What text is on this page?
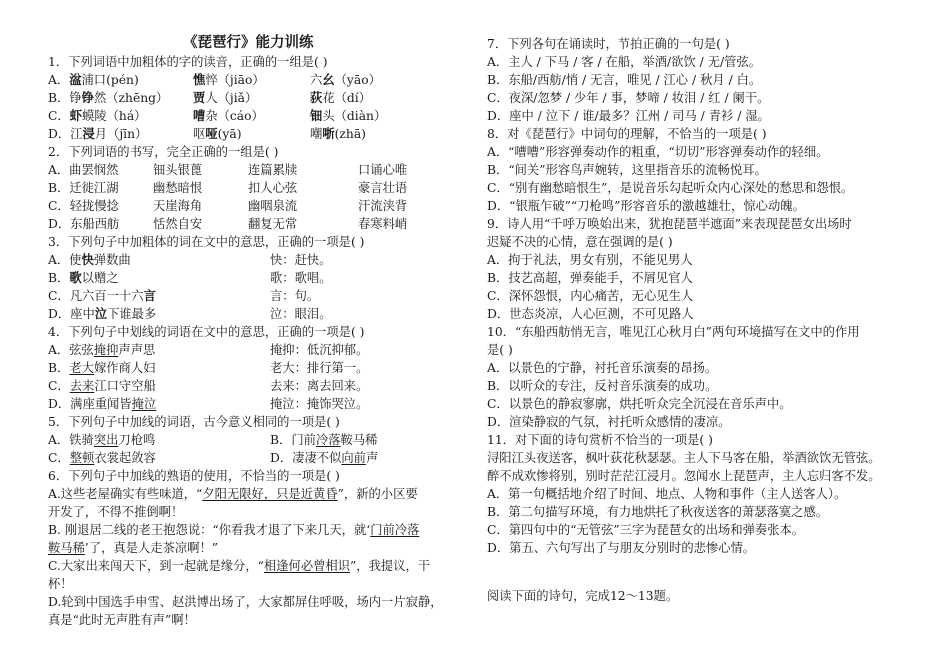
《琵琶行》能力训练
1．下列词语中加粗体的字的读音，正确的一组是( )
A．湓浦口(pén)	憔悴（jiāo）	六幺（yāo）
B．铮铮然（zhēng） 贾人（jiǎ）	荻花（dí）
C．虾蟆陵（há）	嘈杂（cáo）	钿头（diàn）
D．江浸月（jīn）	呕哑(yā)	嘲哳(zhā)
2．下列词语的书写，完全正确的一组是( )
A．曲罢悯然	钿头银蓖	连篇累牍	口诵心唯
B．迁徙江湖	幽愁暗恨	扣人心弦	豪言壮语
C．轻拢慢捻	天崖海角	幽咽泉流	汗流浃背
D．东船西舫	恬然自安	翻复无常	春寒料峭
3．下列句子中加粗体的词在文中的意思，正确的一项是( )
A．使快弹数曲	快：赶快。
B．歌以赠之	歌：歌唱。
C．凡六百一十六言	言：句。
D．座中泣下谁最多	泣：眼泪。
4．下列句子中划线的词语在文中的意思，正确的一项是( )
A．弦弦掩抑声声思	掩抑：低沉抑郁。
B．老大嫁作商人妇	老大：排行第一。
C．去来江口守空船	去来：离去回来。
D．满座重闻皆掩泣	掩泣：掩饰哭泣。
5．下列句子中加线的词语，古今意义相同的一项是( )
A．铁骑突出刀枪鸣	B．门前冷落鞍马稀
C．整顿衣裳起敛容	D．凄凄不似向前声
6．下列句子中加线的熟语的使用，不恰当的一项是( )
A.这些老屋确实有些味道，“夕阳无限好，只是近黄昏”，新的小区要
开发了，不得不推倒啊！
B. 刚退居二线的老王抱怨说：“你看我才退了下来几天，就‘门前冷落
鞍马稀’了，真是人走茶凉啊！”
C.大家出来闯天下，到一起就是缘分，“相逢何必曾相识”，我提议，干
杯！
D.轮到中国选手申雪、赵洪博出场了，大家都屏住呼吸，场内一片寂静，
真是“此时无声胜有声”啊！
7．下列各句在诵读时，节拍正确的一句是( )
A．主人 / 下马 / 客 / 在船，举酒/欲饮 / 无/管弦。
B．东船/西舫/悄 / 无言，唯见 / 江心 / 秋月 / 白。
C．夜深/忽梦 / 少年 / 事，梦啼 / 妆泪 / 红 / 阑干。
D．座中 / 泣下 / 谁/最多？江州 / 司马 / 青衫 / 湿。
8．对《琵琶行》中词句的理解，不恰当的一项是( )
A．“嘈嘈”形容弹奏动作的粗重，“切切”形容弹奏动作的轻细。
B．“间关”形容鸟声婉转，这里指音乐的流畅悦耳。
C．“别有幽愁暗恨生”，是说音乐勾起听众内心深处的愁思和怨恨。
D．“银瓶乍破”“刀枪鸣”形容音乐的激越雄壮，惊心动魄。
9．诗人用“千呼万唤始出来，犹抱琵琶半遮面”来表现琵琶女出场时
迟疑不决的心情，意在强调的是( )
A．拘于礼法，男女有别，不能见男人
B．技艺高超，弹奏能手，不屑见官人
C．深怀怨恨，内心痛苦，无心见生人
D．世态炎凉，人心叵测，不可见路人
10．“东船西舫悄无言，唯见江心秋月白”两句环境描写在文中的作用
是( )
A．以景色的宁静，衬托音乐演奏的昂扬。
B．以听众的专注，反衬音乐演奏的成功。
C．以景色的静寂寥廓，烘托听众完全沉浸在音乐声中。
D．渲染静寂的气氛，衬托听众感情的凄凉。
11．对下面的诗句赏析不恰当的一项是( )
浔阳江头夜送客，枫叶荻花秋瑟瑟。主人下马客在船，举酒欲饮无管弦。
醉不成欢惨将别，别时茫茫江浸月。忽闻水上琵琶声，主人忘归客不发。
A．第一句概括地介绍了时间、地点、人物和事件（主人送客人）。
B．第二句描写环境，有力地烘托了秋夜送客的萧瑟落寞之感。
C．第四句中的“无管弦”三字为琵琶女的出场和弹奏张本。
D．第五、六句写出了与朋友分别时的悲惨心情。
阅读下面的诗句，完成12～13题。
